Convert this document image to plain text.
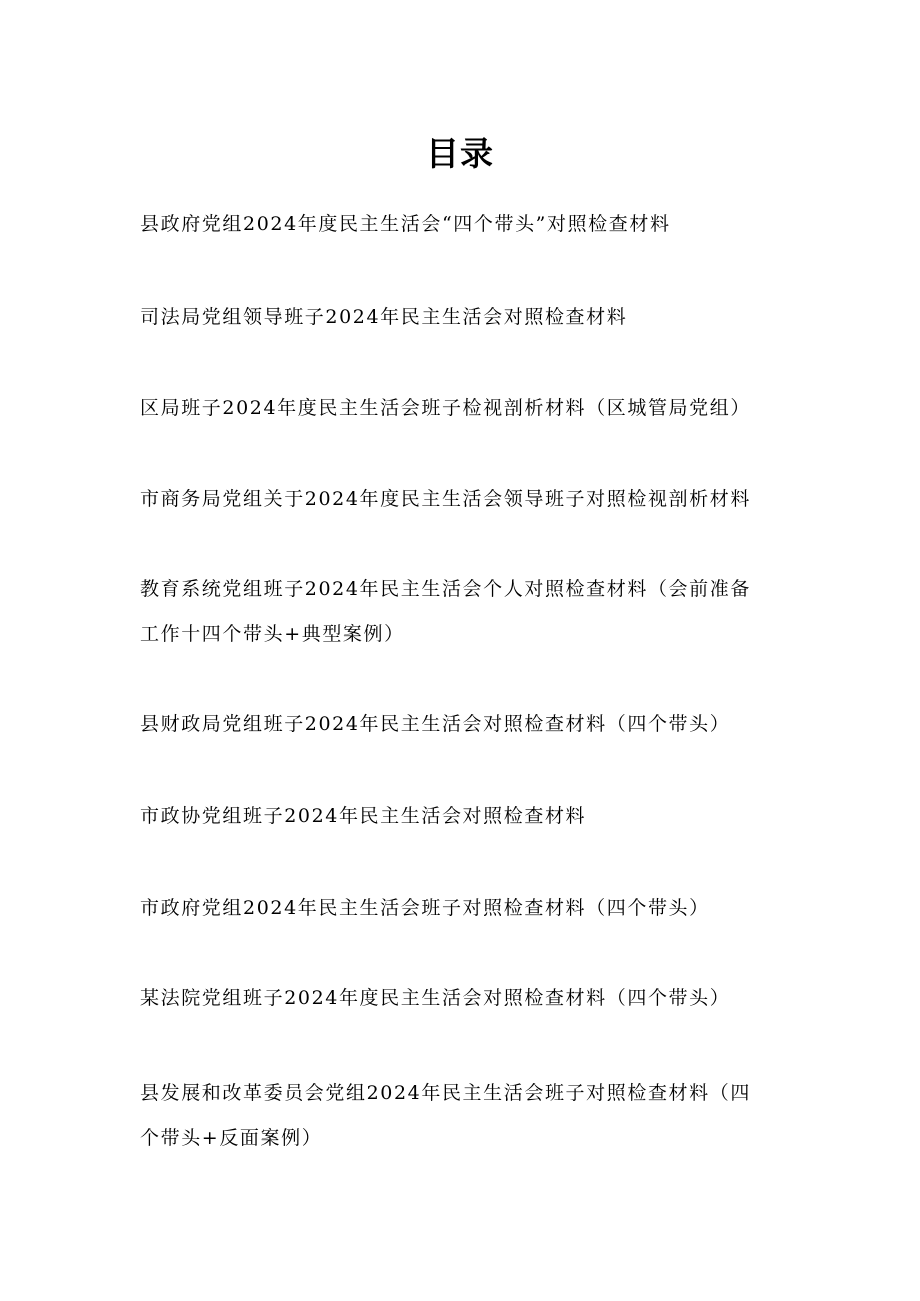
目录
县政府党组2024年度民主生活会“四个带头”对照检查材料
司法局党组领导班子2024年民主生活会对照检查材料
区局班子2024年度民主生活会班子检视剖析材料（区城管局党组）
市商务局党组关于2024年度民主生活会领导班子对照检视剖析材料
教育系统党组班子2024年民主生活会个人对照检查材料（会前准备工作十四个带头+典型案例）
县财政局党组班子2024年民主生活会对照检查材料（四个带头）
市政协党组班子2024年民主生活会对照检查材料
市政府党组2024年民主生活会班子对照检查材料（四个带头）
某法院党组班子2024年度民主生活会对照检查材料（四个带头）
县发展和改革委员会党组2024年民主生活会班子对照检查材料（四个带头+反面案例）
